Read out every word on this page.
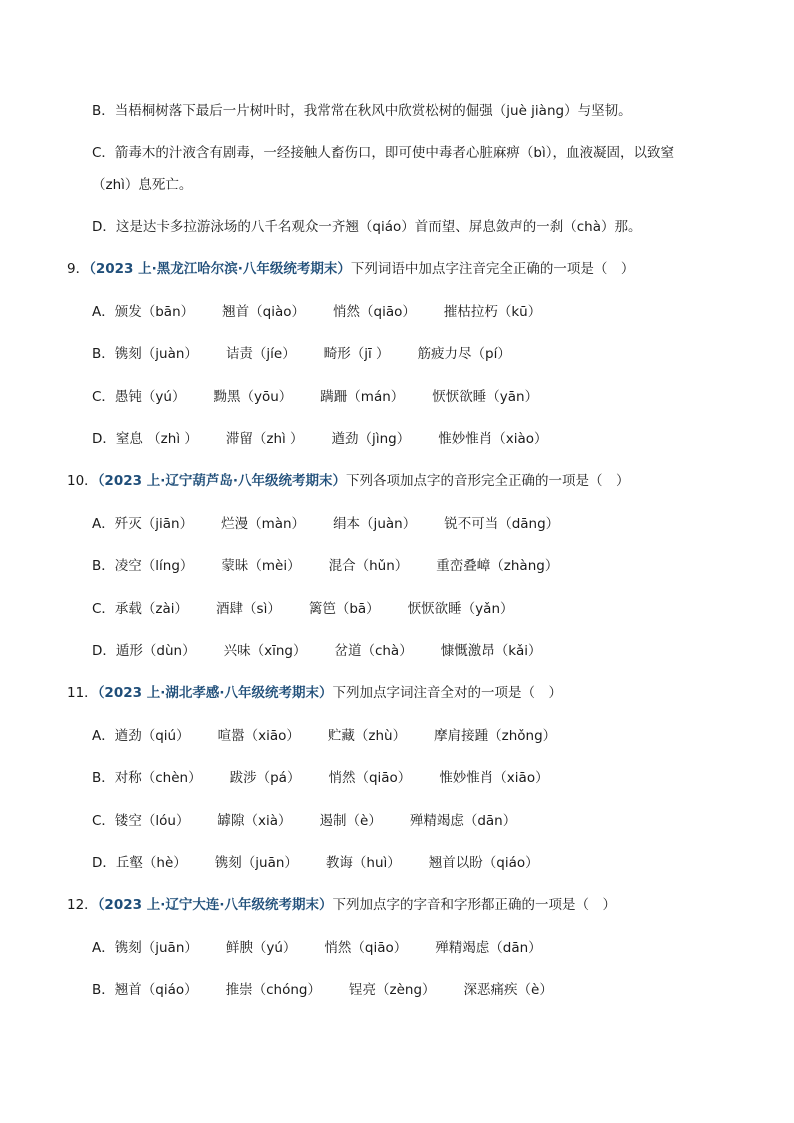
B．当梧桐树落下最后一片树叶时，我常常在秋风中欣赏松树的倔强（juè jiàng）与坚韧。
C．箭毒木的汁液含有剧毒，一经接触人畜伤口，即可使中毒者心脏麻痹（bì），血液凝固，以致窒
（zhì）息死亡。
D．这是达卡多拉游泳场的八千名观众一齐翘（qiáo）首而望、屏息敛声的一刹（chà）那。
9．（2023 上·黑龙江哈尔滨·八年级统考期末）下列词语中加点字注音完全正确的一项是（　）
A．颁发（bān） 翘首（qiào） 悄然（qiāo） 摧枯拉朽（kū）
B．镌刻（juàn） 诘责（jíe） 畸形（jī ） 筋疲力尽（pí）
C．愚钝（yú） 黝黑（yōu） 蹒跚（mán） 恹恹欲睡（yān）
D．窒息 （zhì ） 滞留（zhì ） 遒劲（jìng） 惟妙惟肖（xiào）
10．（2023 上·辽宁葫芦岛·八年级统考期末）下列各项加点字的音形完全正确的一项是（　）
A．歼灭（jiān） 烂漫（màn） 绢本（juàn） 锐不可当（dāng）
B．凌空（líng） 蒙昧（mèi） 混合（hǔn） 重峦叠嶂（zhàng）
C．承载（zài） 酒肆（sì） 篱笆（bā） 恹恹欲睡（yǎn）
D．遁形（dùn） 兴味（xīng） 岔道（chà） 慷慨激昂（kǎi）
11．（2023 上·湖北孝感·八年级统考期末）下列加点字词注音全对的一项是（　）
A．遒劲（qiú） 喧嚣（xiāo） 贮藏（zhù） 摩肩接踵（zhǒng）
B．对称（chèn） 跋涉（pá） 悄然（qiāo） 惟妙惟肖（xiāo）
C．镂空（lóu） 罅隙（xià） 遏制（è） 殚精竭虑（dān）
D．丘壑（hè） 镌刻（juān） 教诲（huì） 翘首以盼（qiáo）
12．（2023 上·辽宁大连·八年级统考期末）下列加点字的字音和字形都正确的一项是（　）
A．镌刻（juān） 鲜腴（yú） 悄然（qiāo） 殚精竭虑（dān）
B．翘首（qiáo） 推崇（chóng） 锃亮（zèng） 深恶痛疾（è）
